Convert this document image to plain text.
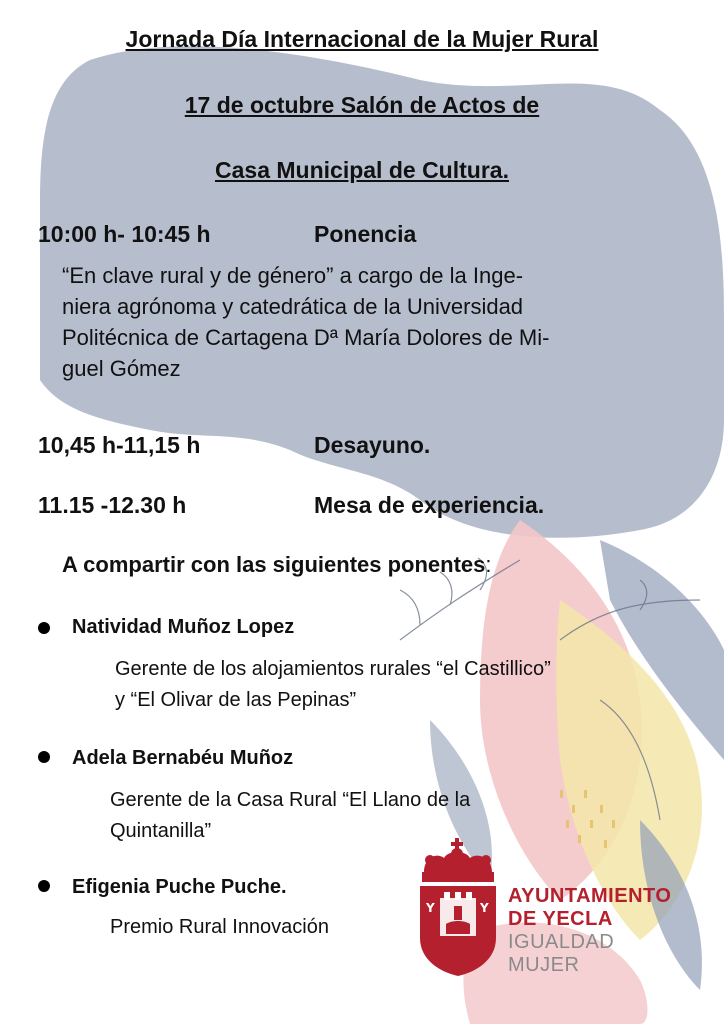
Jornada Día Internacional de la Mujer Rural
17 de octubre Salón de Actos de
Casa Municipal de Cultura.
10:00 h- 10:45 h	Ponencia
“En clave rural y de género” a cargo de la Inge-
niera agrónoma y catedrática de la Universidad
Politécnica de Cartagena Dª María Dolores de Mi-
guel Gómez
10,45 h-11,15 h	Desayuno.
11.15 -12.30 h	Mesa de experiencia.
A compartir con las siguientes ponentes:
Natividad Muñoz Lopez
Gerente de los alojamientos rurales “el Castillico”
y “El Olivar de las Pepinas”
Adela Bernabéu Muñoz
Gerente de la Casa Rural “El Llano de la
Quintanilla”
Efigenia Puche Puche.
Premio Rural Innovación
Y	Y
AYUNTAMIENTO
DE YECLA
IGUALDAD
MUJER
